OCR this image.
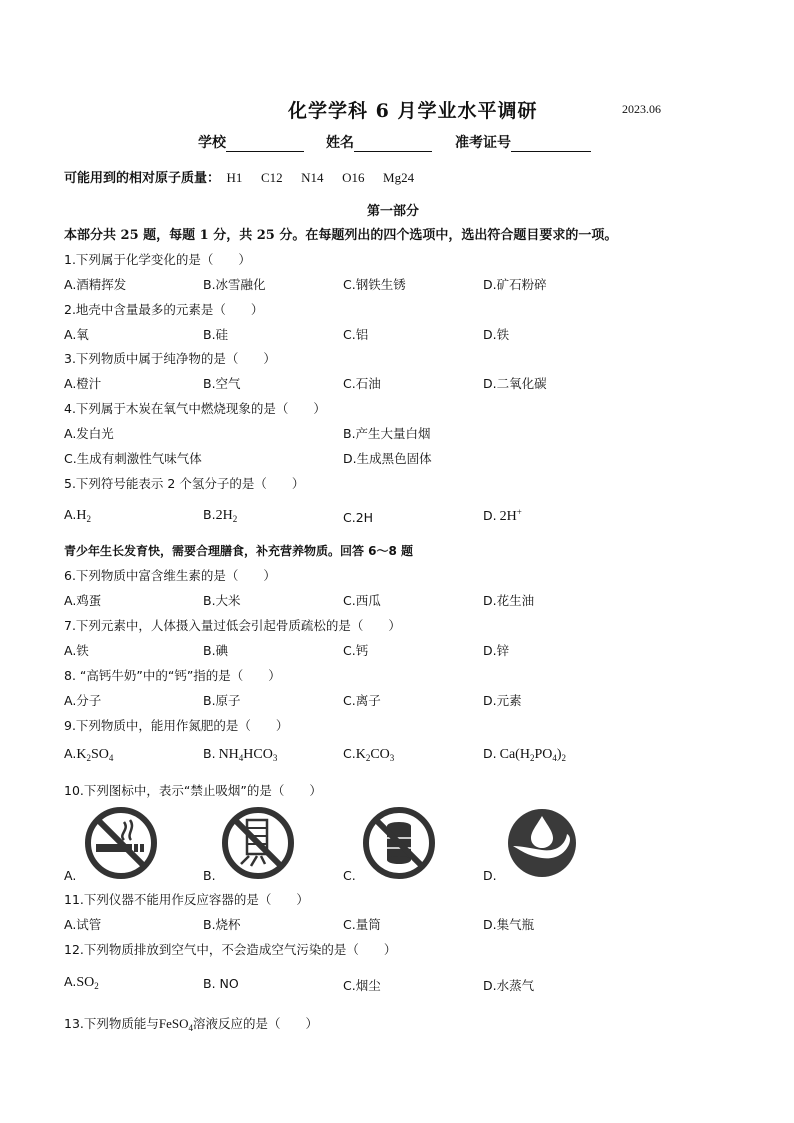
化学学科 6 月学业水平调研	2023.06
学校	姓名	准考证号
可能用到的相对原子质量： H1 C12 N14 O16 Mg24
第一部分
本部分共 25 题，每题 1 分，共 25 分。在每题列出的四个选项中，选出符合题目要求的一项。
1.下列属于化学变化的是（　　）
A.酒精挥发	B.冰雪融化	C.钢铁生锈	D.矿石粉碎
2.地壳中含量最多的元素是（　　）
A.氧	B.硅	C.铝	D.铁
3.下列物质中属于纯净物的是（　　）
A.橙汁	B.空气	C.石油	D.二氧化碳
4.下列属于木炭在氧气中燃烧现象的是（　　）
A.发白光	B.产生大量白烟
C.生成有刺激性气味气体	D.生成黑色固体
5.下列符号能表示 2 个氢分子的是（　　）
$A.H_2$	$B.2H_2$	C.2H	D. 2H+
青少年生长发育快，需要合理膳食，补充营养物质。回答 6～8 题
6.下列物质中富含维生素的是（　　）
A.鸡蛋	B.大米	C.西瓜	D.花生油
7.下列元素中，人体摄入量过低会引起骨质疏松的是（　　）
A.铁	B.碘	C.钙	D.锌
8. “高钙牛奶”中的“钙”指的是（　　）
A.分子	B.原子	C.离子	D.元素
9.下列物质中，能用作氮肥的是（　　）
$A.K_2SO_4$	B. $NH_4HCO_3$	$C.K_2CO_3$	D. $Ca(H_2PO_4)_2$
10.下列图标中，表示“禁止吸烟”的是（　　）
A.	B.	C.	D.
11.下列仪器不能用作反应容器的是（　　）
A.试管	B.烧杯	C.量筒	D.集气瓶
12.下列物质排放到空气中，不会造成空气污染的是（　　）
$A.SO_2$	B. NO	C.烟尘	D.水蒸气
13.下列物质能与FeSO$_4$溶液反应的是（　　）
